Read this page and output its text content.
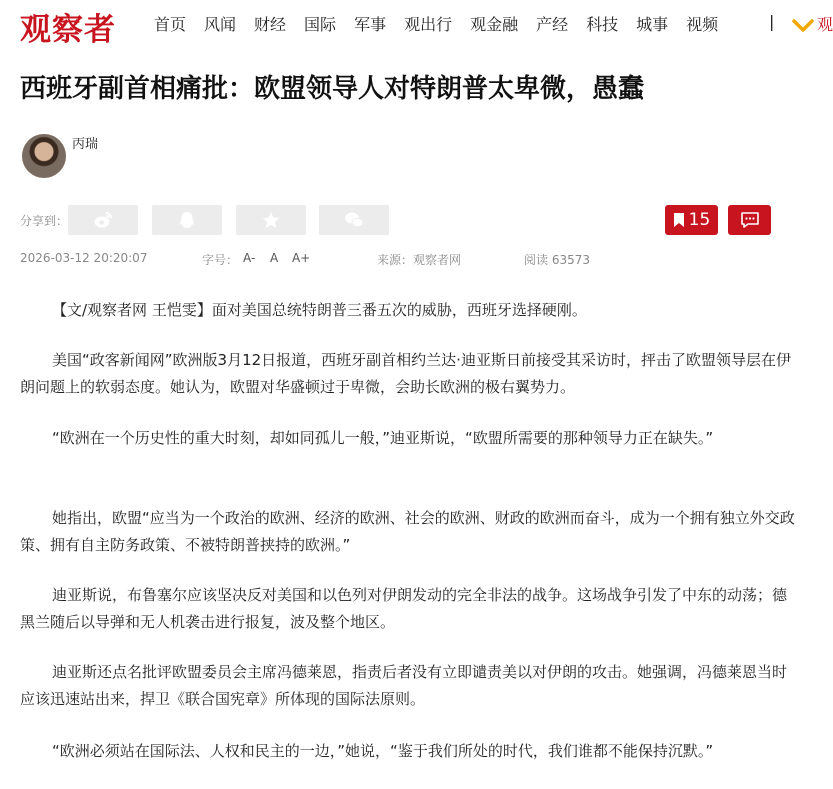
观察者 首页 风闻 财经 国际 军事 观出行 观金融 产经 科技 城事 视频	|	观
西班牙副首相痛批：欧盟领导人对特朗普太卑微，愚蠢
丙瑞
分享到：	15
2026-03-12 20:20:07	字号： A- A A+	来源：观察者网	阅读 63573

【文/观察者网 王恺雯】面对美国总统特朗普三番五次的威胁，西班牙选择硬刚。

美国“政客新闻网”欧洲版3月12日报道，西班牙副首相约兰达·迪亚斯日前接受其采访时，抨击了欧盟领导层在伊朗问题上的软弱态度。她认为，欧盟对华盛顿过于卑微，会助长欧洲的极右翼势力。

“欧洲在一个历史性的重大时刻，却如同孤儿一般，”迪亚斯说，“欧盟所需要的那种领导力正在缺失。”

她指出，欧盟“应当为一个政治的欧洲、经济的欧洲、社会的欧洲、财政的欧洲而奋斗，成为一个拥有独立外交政策、拥有自主防务政策、不被特朗普挟持的欧洲。”

迪亚斯说，布鲁塞尔应该坚决反对美国和以色列对伊朗发动的完全非法的战争。这场战争引发了中东的动荡；德黑兰随后以导弹和无人机袭击进行报复，波及整个地区。

迪亚斯还点名批评欧盟委员会主席冯德莱恩，指责后者没有立即谴责美以对伊朗的攻击。她强调，冯德莱恩当时应该迅速站出来，捍卫《联合国宪章》所体现的国际法原则。

“欧洲必须站在国际法、人权和民主的一边，”她说，“鉴于我们所处的时代，我们谁都不能保持沉默。”
